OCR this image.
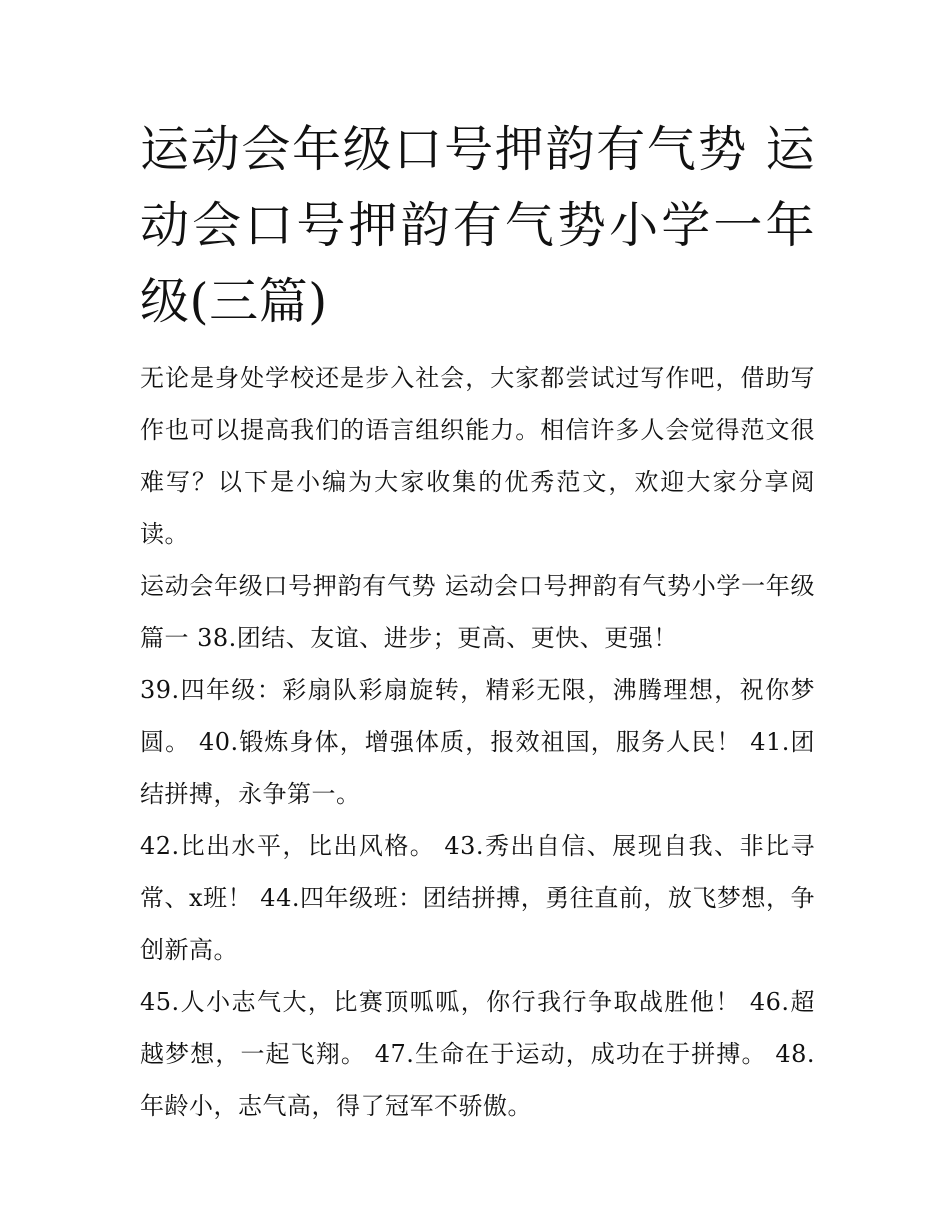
运动会年级口号押韵有气势 运动会口号押韵有气势小学一年级(三篇)

无论是身处学校还是步入社会，大家都尝试过写作吧，借助写作也可以提高我们的语言组织能力。相信许多人会觉得范文很难写？以下是小编为大家收集的优秀范文，欢迎大家分享阅读。

运动会年级口号押韵有气势 运动会口号押韵有气势小学一年级篇一 38.团结、友谊、进步；更高、更快、更强！

39.四年级：彩扇队彩扇旋转，精彩无限，沸腾理想，祝你梦圆。 40.锻炼身体，增强体质，报效祖国，服务人民！ 41.团结拼搏，永争第一。

42.比出水平，比出风格。 43.秀出自信、展现自我、非比寻常、x班！ 44.四年级班：团结拼搏，勇往直前，放飞梦想，争创新高。

45.人小志气大，比赛顶呱呱，你行我行争取战胜他！ 46.超越梦想，一起飞翔。 47.生命在于运动，成功在于拼搏。 48.年龄小，志气高，得了冠军不骄傲。
